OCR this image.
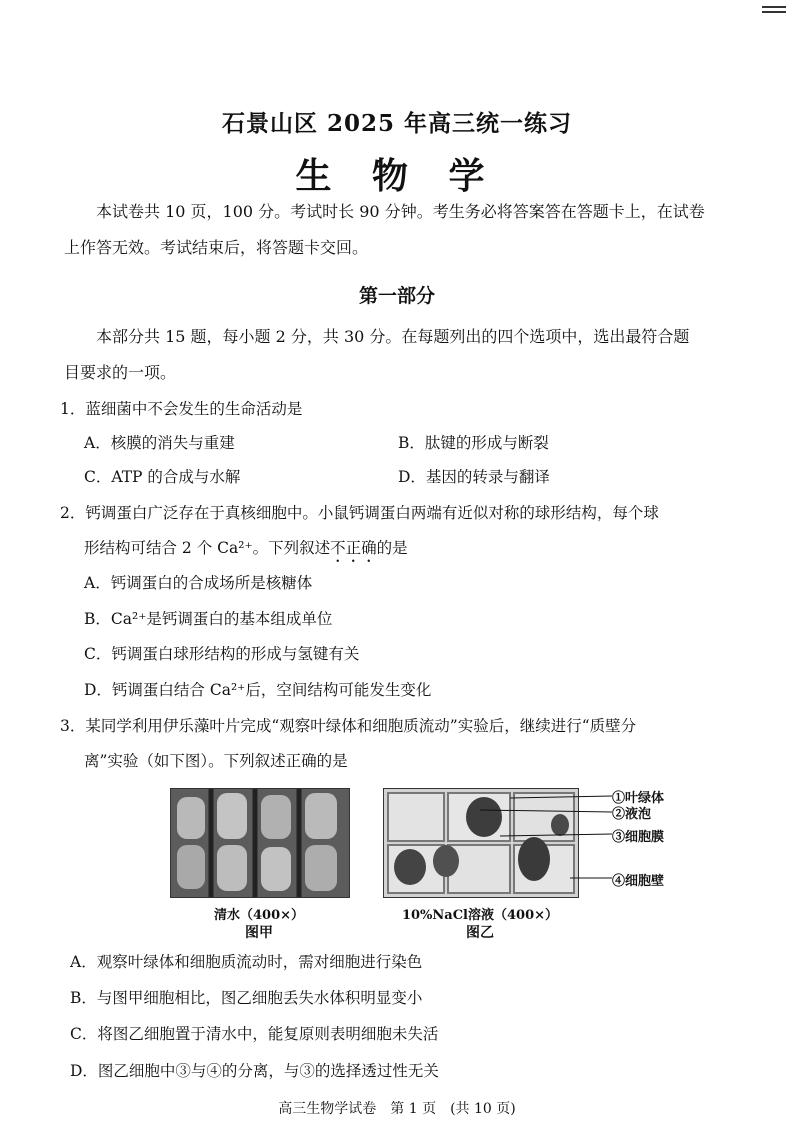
石景山区 2025 年高三统一练习
生 物 学

本试卷共 10 页，100 分。考试时长 90 分钟。考生务必将答案答在答题卡上，在试卷

上作答无效。考试结束后，将答题卡交回。

第一部分

本部分共 15 题，每小题 2 分，共 30 分。在每题列出的四个选项中，选出最符合题

目要求的一项。

1．蓝细菌中不会发生的生命活动是
A．核膜的消失与重建	B．肽键的形成与断裂
C．ATP 的合成与水解	D．基因的转录与翻译
2．钙调蛋白广泛存在于真核细胞中。小鼠钙调蛋白两端有近似对称的球形结构，每个球
形结构可结合 2 个 Ca²⁺。下列叙述不正确的是
A．钙调蛋白的合成场所是核糖体
B．Ca²⁺是钙调蛋白的基本组成单位
C．钙调蛋白球形结构的形成与氢键有关
D．钙调蛋白结合 Ca²⁺后，空间结构可能发生变化
3．某同学利用伊乐藻叶片完成“观察叶绿体和细胞质流动”实验后，继续进行“质壁分
离”实验（如下图）。下列叙述正确的是
清水（400×）
图甲
10%NaCl溶液（400×）
图乙
①叶绿体
②液泡
③细胞膜
④细胞壁
A．观察叶绿体和细胞质流动时，需对细胞进行染色
B．与图甲细胞相比，图乙细胞丢失水体积明显变小
C．将图乙细胞置于清水中，能复原则表明细胞未失活
D．图乙细胞中③与④的分离，与③的选择透过性无关
高三生物学试卷　第 1 页　(共 10 页)
